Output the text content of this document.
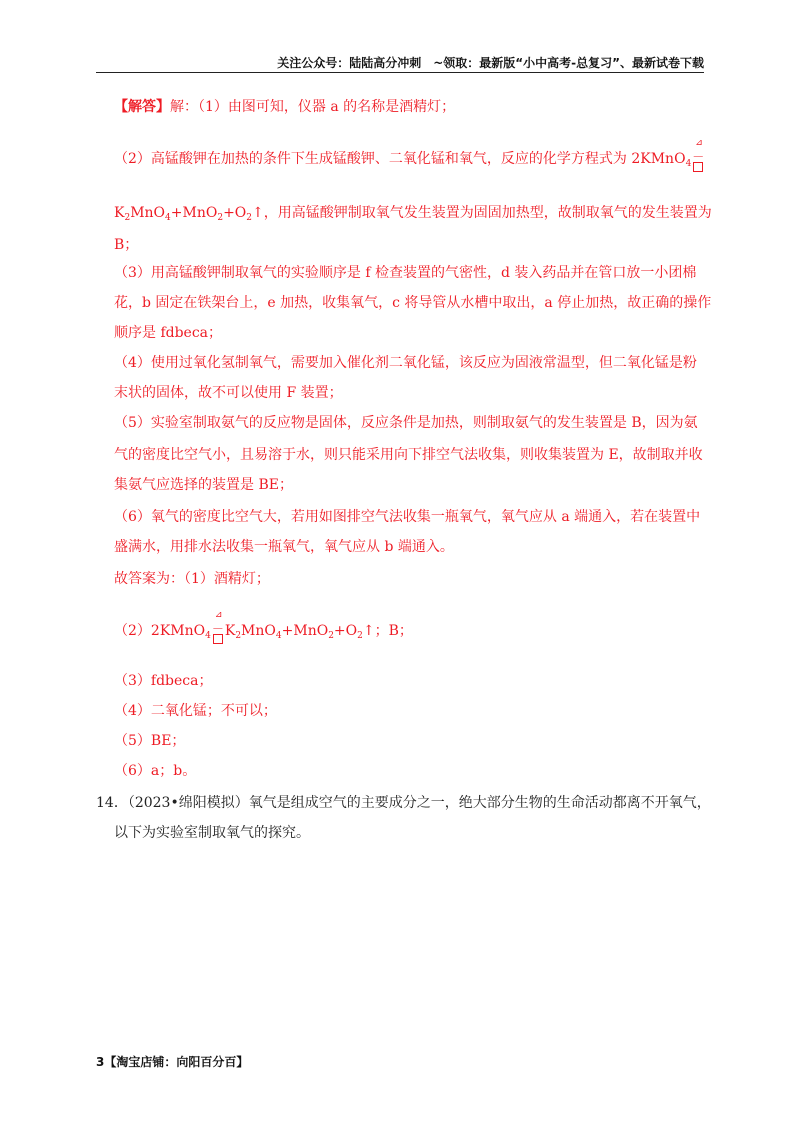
关注公众号：陆陆高分冲刺　~领取：最新版“小中高考-总复习”、最新试卷下载
【解答】解：（1）由图可知，仪器 a 的名称是酒精灯；
（2）高锰酸钾在加热的条件下生成锰酸钾、二氧化锰和氧气，反应的化学方程式为 2KMnO$_4$
⊿
－
$K_2MnO_4+MnO_2+O_2↑$，用高锰酸钾制取氧气发生装置为固固加热型，故制取氧气的发生装置为
B；
（3）用高锰酸钾制取氧气的实验顺序是 f 检查装置的气密性，d 装入药品并在管口放一小团棉
花，b 固定在铁架台上，e 加热，收集氧气，c 将导管从水槽中取出，a 停止加热，故正确的操作
顺序是 fdbeca；
（4）使用过氧化氢制氧气，需要加入催化剂二氧化锰，该反应为固液常温型，但二氧化锰是粉
末状的固体，故不可以使用 F 装置；
（5）实验室制取氨气的反应物是固体，反应条件是加热，则制取氨气的发生装置是 B，因为氨
气的密度比空气小，且易溶于水，则只能采用向下排空气法收集，则收集装置为 E，故制取并收
集氨气应选择的装置是 BE；
（6）氧气的密度比空气大，若用如图排空气法收集一瓶氧气，氧气应从 a 端通入，若在装置中
盛满水，用排水法收集一瓶氧气，氧气应从 b 端通入。
故答案为：（1）酒精灯；
（2）2KMnO$_4$
⊿
－ $K_2MnO_4+MnO_2+O_2↑$；B；
（3）fdbeca；
（4）二氧化锰；不可以；
（5）BE；
（6）a；b。
14．（2023•绵阳模拟）氧气是组成空气的主要成分之一，绝大部分生物的生命活动都离不开氧气，
以下为实验室制取氧气的探究。
3【淘宝店铺：向阳百分百】
